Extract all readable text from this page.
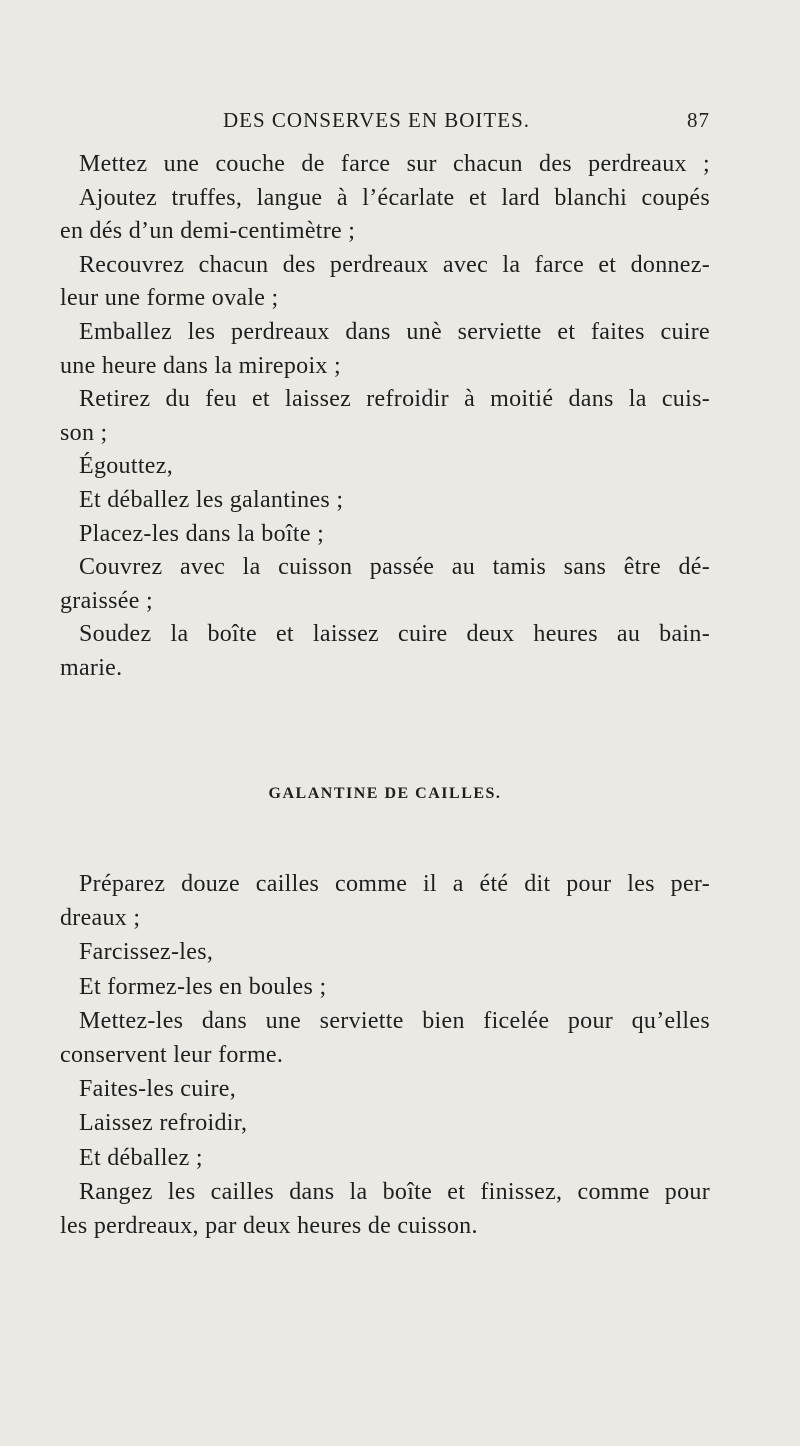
DES CONSERVES EN BOITES.	87
Mettez une couche de farce sur chacun des perdreaux ;
Ajoutez truffes, langue à l’écarlate et lard blanchi coupés
en dés d’un demi-centimètre ;
Recouvrez chacun des perdreaux avec la farce et donnez-
leur une forme ovale ;
Emballez les perdreaux dans unè serviette et faites cuire
une heure dans la mirepoix ;
Retirez du feu et laissez refroidir à moitié dans la cuis-
son ;
Égouttez,
Et déballez les galantines ;
Placez-les dans la boîte ;
Couvrez avec la cuisson passée au tamis sans être dé-
graissée ;
Soudez la boîte et laissez cuire deux heures au bain-
marie.
GALANTINE DE CAILLES.
Préparez douze cailles comme il a été dit pour les per-
dreaux ;
Farcissez-les,
Et formez-les en boules ;
Mettez-les dans une serviette bien ficelée pour qu’elles
conservent leur forme.
Faites-les cuire,
Laissez refroidir,
Et déballez ;
Rangez les cailles dans la boîte et finissez, comme pour
les perdreaux, par deux heures de cuisson.
